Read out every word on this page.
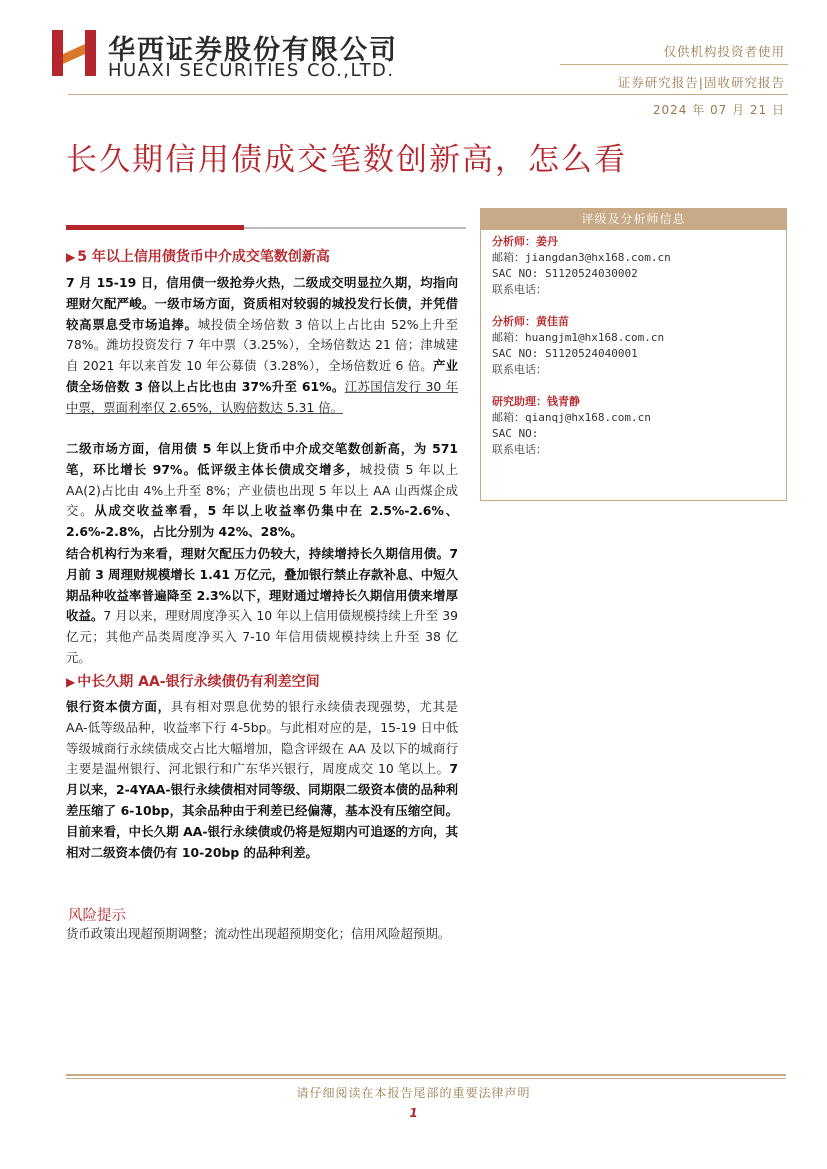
华西证券股份有限公司
HUAXI SECURITIES CO.,LTD.
仅供机构投资者使用
证券研究报告|固收研究报告
2024 年 07 月 21 日
长久期信用债成交笔数创新高，怎么看
▶ 5 年以上信用债货币中介成交笔数创新高
7 月 15-19 日，信用债一级抢券火热，二级成交明显拉久期，均指向理财欠配严峻。一级市场方面，资质相对较弱的城投发行长债，并凭借较高票息受市场追捧。城投债全场倍数 3 倍以上占比由 52%上升至 78%。潍坊投资发行 7 年中票（3.25%），全场倍数达 21 倍；津城建自 2021 年以来首发 10 年公募债（3.28%），全场倍数近 6 倍。产业债全场倍数 3 倍以上占比也由 37%升至 61%。江苏国信发行 30 年中票，票面利率仅 2.65%，认购倍数达 5.31 倍。
二级市场方面，信用债 5 年以上货币中介成交笔数创新高，为 571 笔，环比增长 97%。低评级主体长债成交增多，城投债 5 年以上 AA(2)占比由 4%上升至 8%；产业债也出现 5 年以上 AA 山西煤企成交。从成交收益率看，5 年以上收益率仍集中在 2.5%-2.6%、2.6%-2.8%，占比分别为 42%、28%。
结合机构行为来看，理财欠配压力仍较大，持续增持长久期信用债。7 月前 3 周理财规模增长 1.41 万亿元，叠加银行禁止存款补息、中短久期品种收益率普遍降至 2.3%以下，理财通过增持长久期信用债来增厚收益。7 月以来，理财周度净买入 10 年以上信用债规模持续上升至 39 亿元；其他产品类周度净买入 7-10 年信用债规模持续上升至 38 亿元。
▶ 中长久期 AA-银行永续债仍有利差空间
银行资本债方面，具有相对票息优势的银行永续债表现强势，尤其是 AA-低等级品种，收益率下行 4-5bp。与此相对应的是，15-19 日中低等级城商行永续债成交占比大幅增加，隐含评级在 AA 及以下的城商行主要是温州银行、河北银行和广东华兴银行，周度成交 10 笔以上。7 月以来，2-4YAA-银行永续债相对同等级、同期限二级资本债的品种利差压缩了 6-10bp，其余品种由于利差已经偏薄，基本没有压缩空间。目前来看，中长久期 AA-银行永续债或仍将是短期内可追逐的方向，其相对二级资本债仍有 10-20bp 的品种利差。
风险提示
货币政策出现超预期调整；流动性出现超预期变化；信用风险超预期。
评级及分析师信息
分析师：姜丹
邮箱：jiangdan3@hx168.com.cn
SAC NO: S1120524030002
联系电话：
分析师：黄佳苗
邮箱：huangjm1@hx168.com.cn
SAC NO: S1120524040001
联系电话：
研究助理：钱青静
邮箱：qianqj@hx168.com.cn
SAC NO:
联系电话：
请仔细阅读在本报告尾部的重要法律声明
1
